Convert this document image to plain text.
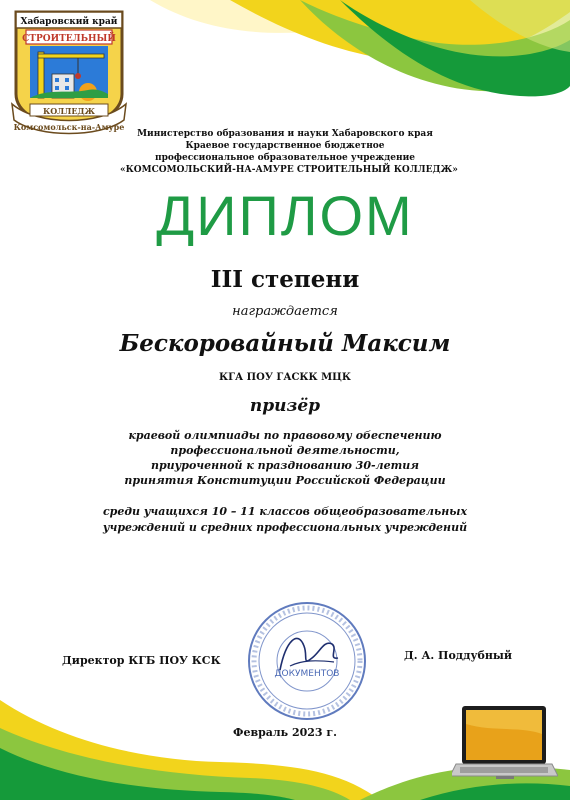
Хабаровский край
СТРОИТЕЛЬНЫЙ
КОЛЛЕДЖ
Комсомольск-на-Амуре
Министерство образования и науки Хабаровского края
Краевое государственное бюджетное
профессиональное образовательное учреждение
«КОМСОМОЛЬСКИЙ-НА-АМУРЕ СТРОИТЕЛЬНЫЙ КОЛЛЕДЖ»
ДИПЛОМ
III степени
награждается
Бескоровайный Максим
КГА ПОУ ГАСКК МЦК
призёр
краевой олимпиады по правовому обеспечению
профессиональной деятельности,
приуроченной к празднованию 30-летия
принятия Конституции Российской Федерации
среди учащихся 10 – 11 классов общеобразовательных
учреждений и средних профессиональных учреждений
Директор КГБ ПОУ КСК	Д. А. Поддубный
ДОКУМЕНТОВ
Февраль 2023 г.
